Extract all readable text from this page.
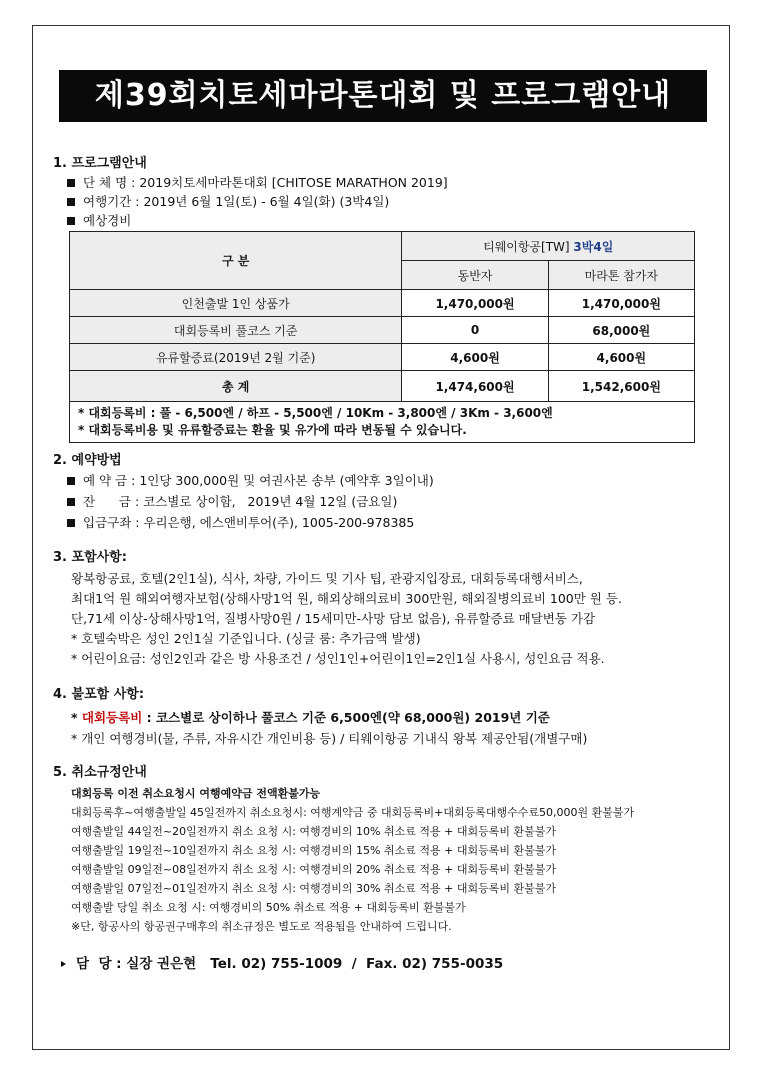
제39회치토세마라톤대회 및 프로그램안내
1. 프로그램안내
단 체 명 : 2019치토세마라톤대회 [CHITOSE MARATHON 2019]
여행기간 : 2019년 6월 1일(토) - 6월 4일(화) (3박4일)
예상경비
구 분	티웨이항공[TW] 3박4일	
	동반자	마라톤 참가자
인천출발 1인 상품가	1,470,000원	1,470,000원
대회등록비 풀코스 기준	0	68,000원
유류할증료(2019년 2월 기준)	4,600원	4,600원
총 계	1,474,600원	1,542,600원

* 대회등록비 : 풀 - 6,500엔 / 하프 - 5,500엔 / 10Km - 3,800엔 / 3Km - 3,600엔
* 대회등록비용 및 유류할증료는 환율 및 유가에 따라 변동될 수 있습니다.		
2. 예약방법
예 약 금 : 1인당 300,000원 및 여권사본 송부 (예약후 3일이내)
잔      금 : 코스별로 상이함,   2019년 4월 12일 (금요일)
입금구좌 : 우리은행, 에스앤비투어(주), 1005-200-978385
3. 포함사항:
왕복항공료, 호텔(2인1실), 식사, 차량, 가이드 및 기사 팁, 관광지입장료, 대회등록대행서비스,
최대1억 원 해외여행자보험(상해사망1억 원, 해외상해의료비 300만원, 해외질병의료비 100만 원 등.
단,71세 이상-상해사망1억, 질병사망0원 / 15세미만-사망 담보 없음), 유류할증료 매달변동 가감
* 호텔숙박은 성인 2인1실 기준입니다. (싱글 룸: 추가금액 발생)
* 어린이요금: 성인2인과 같은 방 사용조건 / 성인1인+어린이1인=2인1실 사용시, 성인요금 적용.
4. 불포함 사항:
* 대회등록비 : 코스별로 상이하나 풀코스 기준 6,500엔(약 68,000원) 2019년 기준
* 개인 여행경비(물, 주류, 자유시간 개인비용 등) / 티웨이항공 기내식 왕복 제공안됨(개별구매)
5. 취소규정안내
대회등록 이전 취소요청시 여행예약금 전액환불가능
대회등록후~여행출발일 45일전까지 취소요청시: 여행계약금 중 대회등록비+대회등록대행수수료50,000원 환불불가
여행출발일 44일전~20일전까지 취소 요청 시: 여행경비의 10% 취소료 적용 + 대회등록비 환불불가
여행출발일 19일전~10일전까지 취소 요청 시: 여행경비의 15% 취소료 적용 + 대회등록비 환불불가
여행출발일 09일전~08일전까지 취소 요청 시: 여행경비의 20% 취소료 적용 + 대회등록비 환불불가
여행출발일 07일전~01일전까지 취소 요청 시: 여행경비의 30% 취소료 적용 + 대회등록비 환불불가
여행출발 당일 취소 요청 시: 여행경비의 50% 취소료 적용 + 대회등록비 환불불가
※단, 항공사의 항공권구매후의 취소규정은 별도로 적용됨을 안내하여 드립니다.
담  당 : 실장 권은현   Tel. 02) 755-1009  /  Fax. 02) 755-0035
